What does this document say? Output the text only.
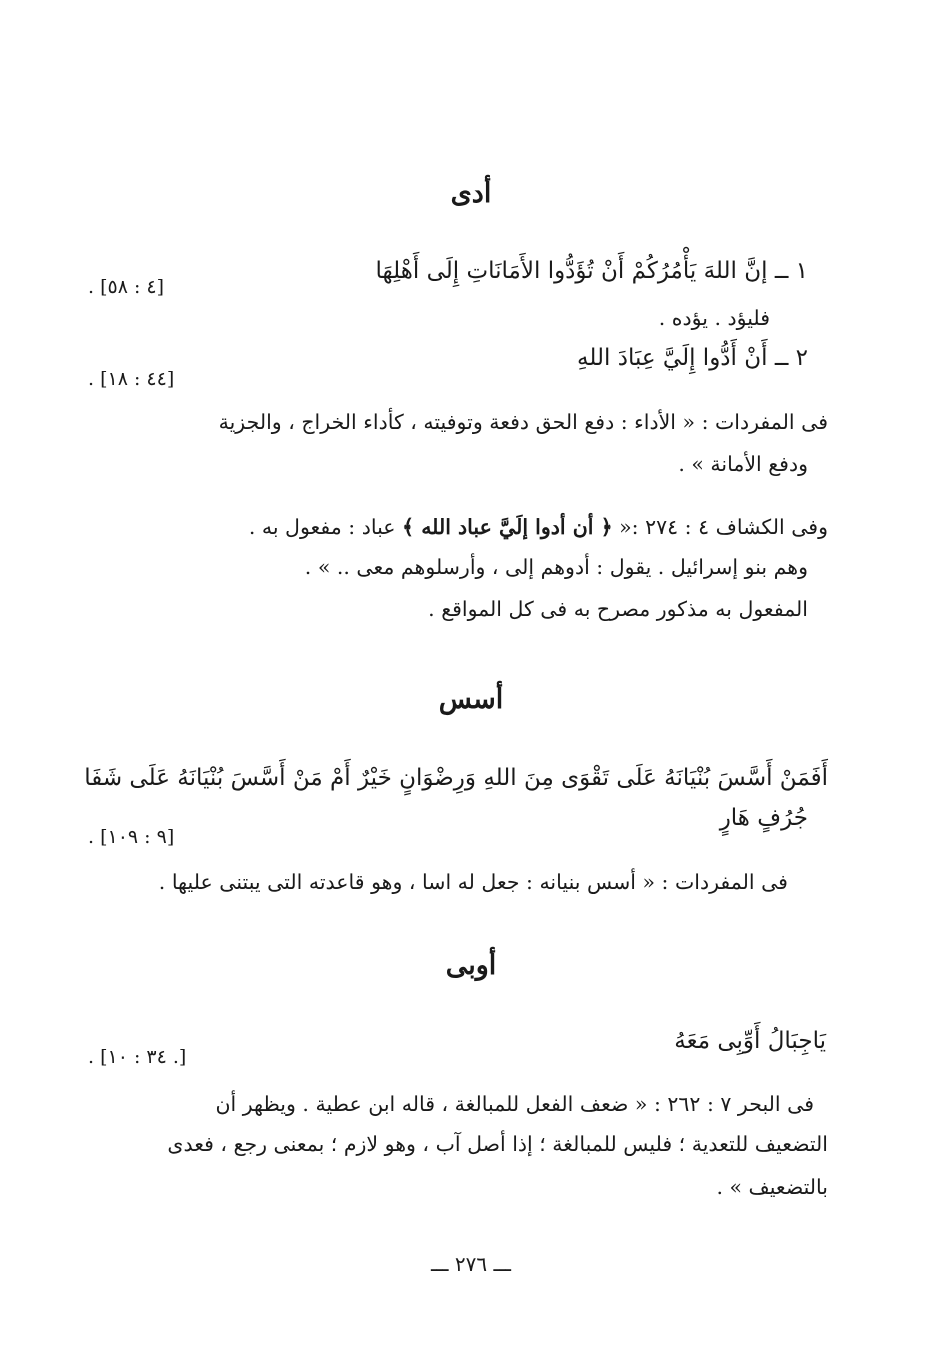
أدى
١ ــ إنَّ اللهَ يَأْمُرُكُمْ أَنْ تُؤَدُّوا الأَمَانَاتِ إِلَى أَهْلِهَا
. [٤ : ٥٨]
فليؤد . يؤده .
٢ ــ أَنْ أَدُّوا إِلَيَّ عِبَادَ اللهِ
. [٤٤ : ١٨]
فى المفردات : « الأداء : دفع الحق دفعة وتوفيته ، كأداء الخراج ، والجزية
ودفع الأمانة » .
وفى الكشاف ٤ : ٢٧٤ :« ﴿ أن أدوا إلَيَّ عباد الله ﴾ عباد : مفعول به .
وهم بنو إسرائيل . يقول : أدوهم إلى ، وأرسلوهم معى .. » .
المفعول به مذكور مصرح به فى كل المواقع .
أسس
أَفَمَنْ أَسَّسَ بُنْيَانَهُ عَلَى تَقْوَى مِنَ اللهِ وَرِضْوَانٍ خَيْرٌ أَمْ مَنْ أَسَّسَ بُنْيَانَهُ عَلَى شَفَا
جُرُفٍ هَارٍ
. [٩ : ١٠٩]
فى المفردات : « أسس بنيانه : جعل له اسا ، وهو قاعدته التى يبتنى عليها .
أوبى
يَاجِبَالُ أَوِّبِى مَعَهُ
. [٣٤ : ١٠ .]
فى البحر ٧ : ٢٦٢ : « ضعف الفعل للمبالغة ، قاله ابن عطية . ويظهر أن
التضعيف للتعدية ؛ فليس للمبالغة ؛ إذا أصل آب ، وهو لازم ؛ بمعنى رجع ، فعدى
بالتضعيف » .
ـــ ٢٧٦ ـــ
